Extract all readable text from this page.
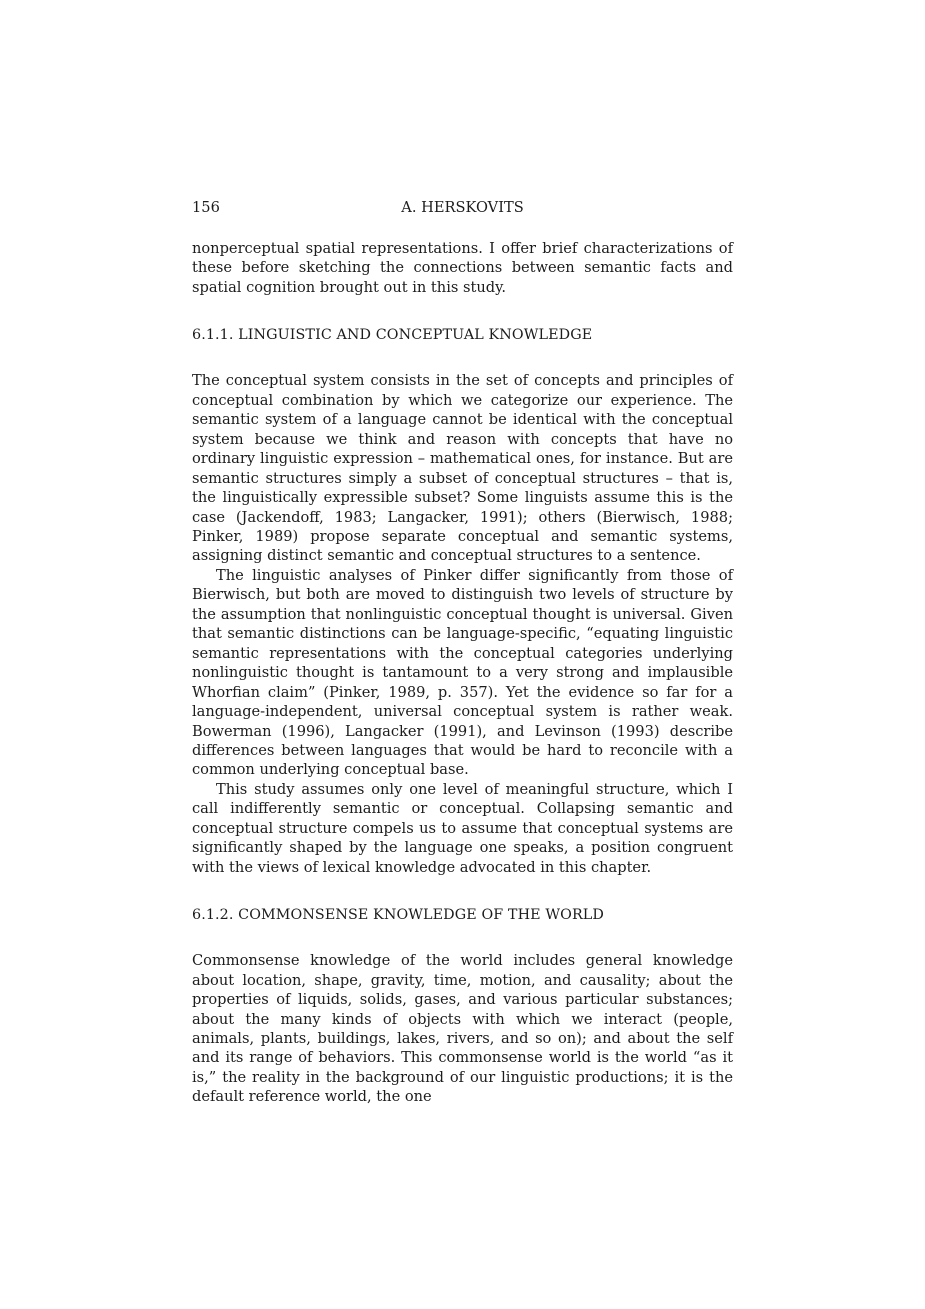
156	A. HERSKOVITS

nonperceptual spatial representations. I offer brief characterizations of these before sketching the connections between semantic facts and spatial cognition brought out in this study.

6.1.1. LINGUISTIC AND CONCEPTUAL KNOWLEDGE

The conceptual system consists in the set of concepts and principles of conceptual combination by which we categorize our experience. The semantic system of a language cannot be identical with the conceptual system because we think and reason with concepts that have no ordinary linguistic expression – mathematical ones, for instance. But are semantic structures simply a subset of conceptual structures – that is, the linguistically expressible subset? Some linguists assume this is the case (Jackendoff, 1983; Langacker, 1991); others (Bierwisch, 1988; Pinker, 1989) propose separate conceptual and semantic systems, assigning distinct semantic and conceptual structures to a sentence.

The linguistic analyses of Pinker differ significantly from those of Bierwisch, but both are moved to distinguish two levels of structure by the assumption that nonlinguistic conceptual thought is universal. Given that semantic distinctions can be language-specific, “equating linguistic semantic representations with the conceptual categories underlying nonlinguistic thought is tantamount to a very strong and implausible Whorfian claim” (Pinker, 1989, p. 357). Yet the evidence so far for a language-independent, universal conceptual system is rather weak. Bowerman (1996), Langacker (1991), and Levinson (1993) describe differences between languages that would be hard to reconcile with a common underlying conceptual base.

This study assumes only one level of meaningful structure, which I call indifferently semantic or conceptual. Collapsing semantic and conceptual structure compels us to assume that conceptual systems are significantly shaped by the language one speaks, a position congruent with the views of lexical knowledge advocated in this chapter.

6.1.2. COMMONSENSE KNOWLEDGE OF THE WORLD

Commonsense knowledge of the world includes general knowledge about location, shape, gravity, time, motion, and causality; about the properties of liquids, solids, gases, and various particular substances; about the many kinds of objects with which we interact (people, animals, plants, buildings, lakes, rivers, and so on); and about the self and its range of behaviors. This commonsense world is the world “as it is,” the reality in the background of our linguistic productions; it is the default reference world, the one
